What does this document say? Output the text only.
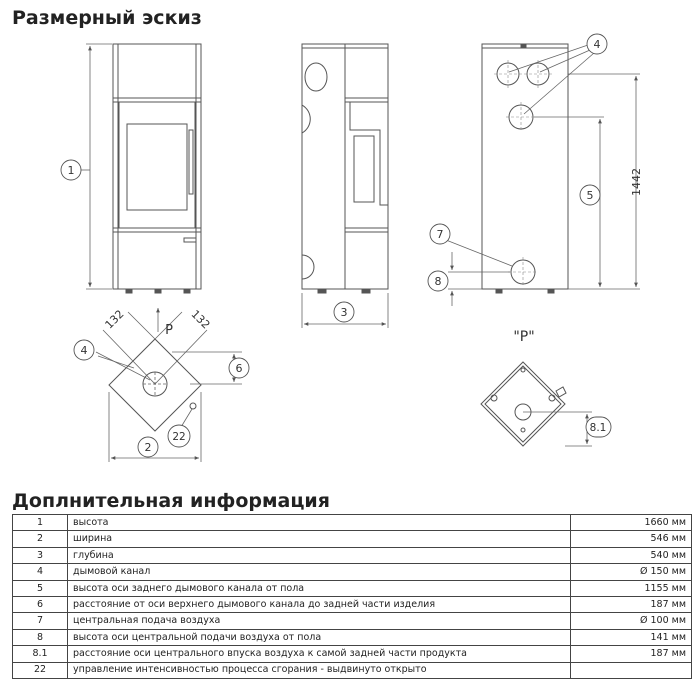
Размерный эскиз
1
3
4
5
7
8
4
6
2
22
8.1
P	"P"
1442
132	132
Доплнительная информация
1	высота	1660 мм
2	ширина	546 мм
3	глубина	540 мм
4	дымовой канал	Ø 150 мм
5	высота оси заднего дымового канала от пола	1155 мм
6	расстояние от оси верхнего дымового канала до задней части изделия	187 мм
7	центральная подача воздуха	Ø 100 мм
8	высота оси центральной подачи воздуха от пола	141 мм
8.1	расстояние оси центрального впуска воздуха к самой задней части продукта	187 мм
22	управление интенсивностью процесса сгорания - выдвинуто открыто	
